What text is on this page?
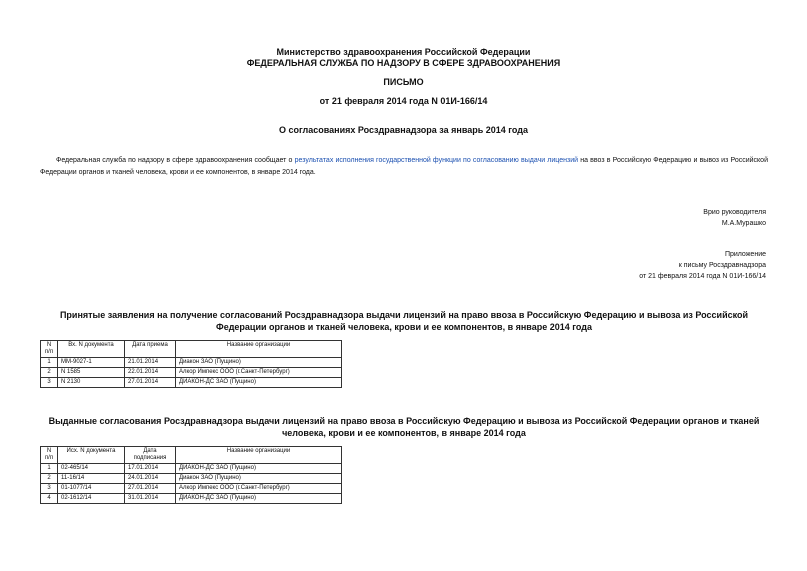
Министерство здравоохранения Российской Федерации
ФЕДЕРАЛЬНАЯ СЛУЖБА ПО НАДЗОРУ В СФЕРЕ ЗДРАВООХРАНЕНИЯ
ПИСЬМО
от 21 февраля 2014 года N 01И-166/14
О согласованиях Росздравнадзора за январь 2014 года
Федеральная служба по надзору в сфере здравоохранения сообщает о результатах исполнения государственной функции по согласованию выдачи лицензий на ввоз в Российскую Федерацию и вывоз из Российской Федерации органов и тканей человека, крови и ее компонентов, в январе 2014 года.
Врио руководителя
М.А.Мурашко
Приложение
к письму Росздравнадзора
от 21 февраля 2014 года N 01И-166/14
Принятые заявления на получение согласований Росздравнадзора выдачи лицензий на право ввоза в Российскую Федерацию и вывоза из Российской Федерации органов и тканей человека, крови и ее компонентов, в январе 2014 года
N п/п	Вх. N документа	Дата приема	Название организации
1	ММ-9027-1	21.01.2014	Диакон ЗАО (Пущино)
2	N 1585	22.01.2014	Алкор Импекс ООО (г.Санкт-Петербург)
3	N 2130	27.01.2014	ДИАКОН-ДС ЗАО (Пущино)
Выданные согласования Росздравнадзора выдачи лицензий на право ввоза в Российскую Федерацию и вывоза из Российской Федерации органов и тканей человека, крови и ее компонентов, в январе 2014 года
N п/п	Исх. N документа	Дата подписания	Название организации
1	02-465/14	17.01.2014	ДИАКОН-ДС ЗАО (Пущино)
2	11-16/14	24.01.2014	Диакон ЗАО (Пущино)
3	01-1077/14	27.01.2014	Алкор Импекс ООО (г.Санкт-Петербург)
4	02-1612/14	31.01.2014	ДИАКОН-ДС ЗАО (Пущино)
